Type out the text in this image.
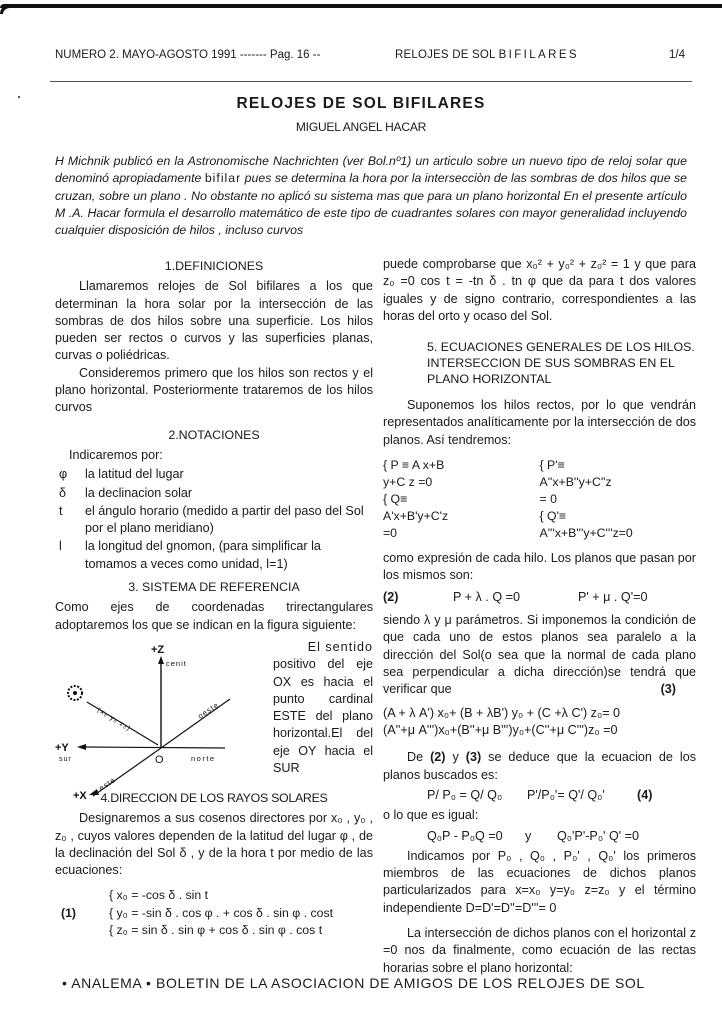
NUMERO 2. MAYO-AGOSTO 1991 ------- Pag. 16 --	RELOJES DE SOL BIFILARES	1/4
RELOJES DE SOL BIFILARES
MIGUEL ANGEL HACAR
H Michnik publicó en la Astronomische Nachrichten (ver Bol.nº1) un articulo sobre un nuevo tipo de reloj solar que denominó apropiadamente bifilar pues se determina la hora por la intersecciòn de las sombras de dos hilos que se cruzan, sobre un plano . No obstante no aplicó su sistema mas que para un plano horizontal En el presente artículo M .A. Hacar formula el desarrollo matemático de este tipo de cuadrantes solares con mayor generalidad incluyendo cualquier disposición de hilos , incluso curvos
1.DEFINICIONES

Llamaremos relojes de Sol bifilares a los que determinan la hora solar por la intersección de las sombras de dos hilos sobre una superficie. Los hilos pueden ser rectos o curvos y las superficies planas, curvas o poliédricas.

Consideremos primero que los hilos son rectos y el plano horizontal. Posteriormente trataremos de los hilos curvos

2.NOTACIONES

Indicaremos por:

φ	la latitud del lugar
δ	la declinacion solar
t	el ángulo horario (medido a partir del paso del Sol por el plano meridiano)
l	la longitud del gnomon, (para simplificar la tomamos a veces como unidad, l=1)
3. SISTEMA DE REFERENCIA

Como ejes de coordenadas trirectangulares adoptaremos los que se indican en la figura siguiente:

+Z
cenit
+Y
sur
+X
este
oeste
norte
O
(x₀ y₀ z₀)
El sentido
positivo del eje OX es hacia el punto cardinal ESTE del plano horizontal.El del eje OY hacia el SUR
4.DIRECCION DE LOS RAYOS SOLARES

Designaremos a sus cosenos directores por x₀ , y₀ , z₀ , cuyos valores dependen de la latitud del lugar φ , de la declinación del Sol δ , y de la hora t por medio de las ecuaciones:

(1)
{ x₀ = -cos δ . sin t
{ y₀ = -sin δ . cos φ . + cos δ . sin φ . cost
{ z₀ = sin δ . sin φ + cos δ . sin φ . cos t

puede comprobarse que x₀² + y₀² + z₀² = 1 y que para z₀ =0 cos t = -tn δ . tn φ que da para t dos valores iguales y de signo contrario, correspondientes a las horas del orto y ocaso del Sol.

5. ECUACIONES GENERALES DE LOS HILOS. INTERSECCION DE SUS SOMBRAS EN EL PLANO HORIZONTAL

Suponemos los hilos rectos, por lo que vendrán representados analíticamente por la intersección de dos planos. Así tendremos:

{ P ≡ A x+B y+C z =0
{ Q≡ A'x+B'y+C'z =0
{ P'≡ A''x+B''y+C''z = 0
{ Q'≡ A'''x+B'''y+C'''z=0

como expresión de cada hilo. Los planos que pasan por los mismos son:

(2)	P + λ . Q =0	P' + μ . Q'=0

siendo λ y μ parámetros. Si imponemos la condición de que cada uno de estos planos sea paralelo a la dirección del Sol(o sea que la normal de cada plano sea perpendicular a dicha dirección)se tendrá que verificar que	(3)
(A + λ A') x₀+ (B + λB') y₀ + (C +λ C') z₀= 0
(A''+μ A''')x₀+(B''+μ B''')y₀+(C''+μ C''')z₀ =0

De (2) y (3) se deduce que la ecuacion de los planos buscados es:

P/ P₀ = Q/ Q₀	P'/P₀'= Q'/ Q₀'	(4)

o lo que es igual:

Q₀P - P₀Q =0	y	Q₀'P'-P₀' Q' =0

Indicamos por P₀ , Q₀ , P₀' , Q₀' los primeros miembros de las ecuaciones de dichos planos particularizados para x=x₀ y=y₀ z=z₀ y el término independiente D=D'=D''=D'''= 0

La intersección de dichos planos con el horizontal z =0 nos da finalmente, como ecuación de las rectas horarias sobre el plano horizontal:

• ANALEMA • BOLETIN DE LA ASOCIACION DE AMIGOS DE LOS RELOJES DE SOL
